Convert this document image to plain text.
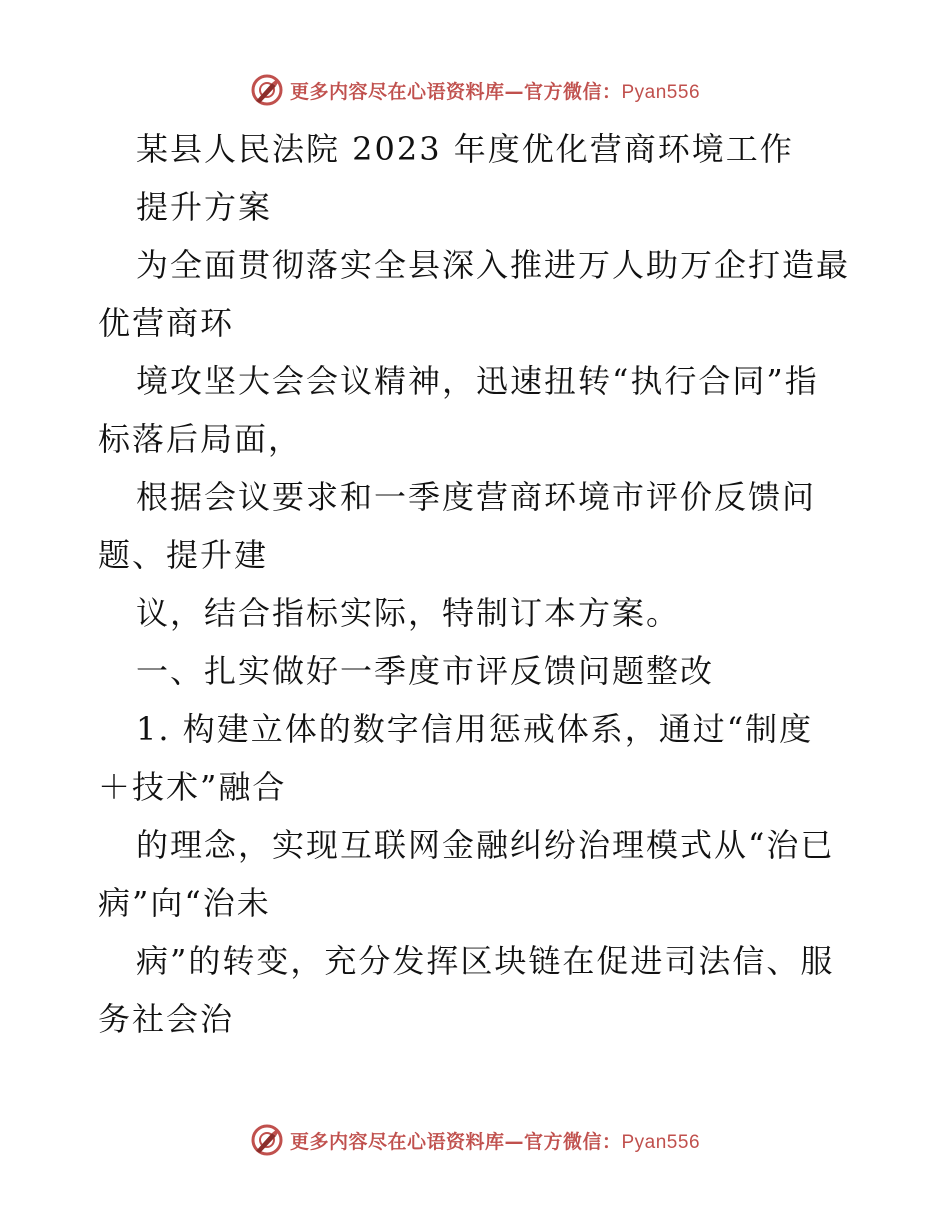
更多内容尽在心语资料库—官方微信：Pyan556
某县人民法院 2023 年度优化营商环境工作
提升方案
为全面贯彻落实全县深入推进万人助万企打造最
优营商环
境攻坚大会会议精神，迅速扭转“执行合同”指
标落后局面，
根据会议要求和一季度营商环境市评价反馈问
题、提升建
议，结合指标实际，特制订本方案。
一、扎实做好一季度市评反馈问题整改
1. 构建立体的数字信用惩戒体系，通过“制度
＋技术”融合
的理念，实现互联网金融纠纷治理模式从“治已
病”向“治未
病”的转变，充分发挥区块链在促进司法信、服
务社会治
更多内容尽在心语资料库—官方微信：Pyan556
